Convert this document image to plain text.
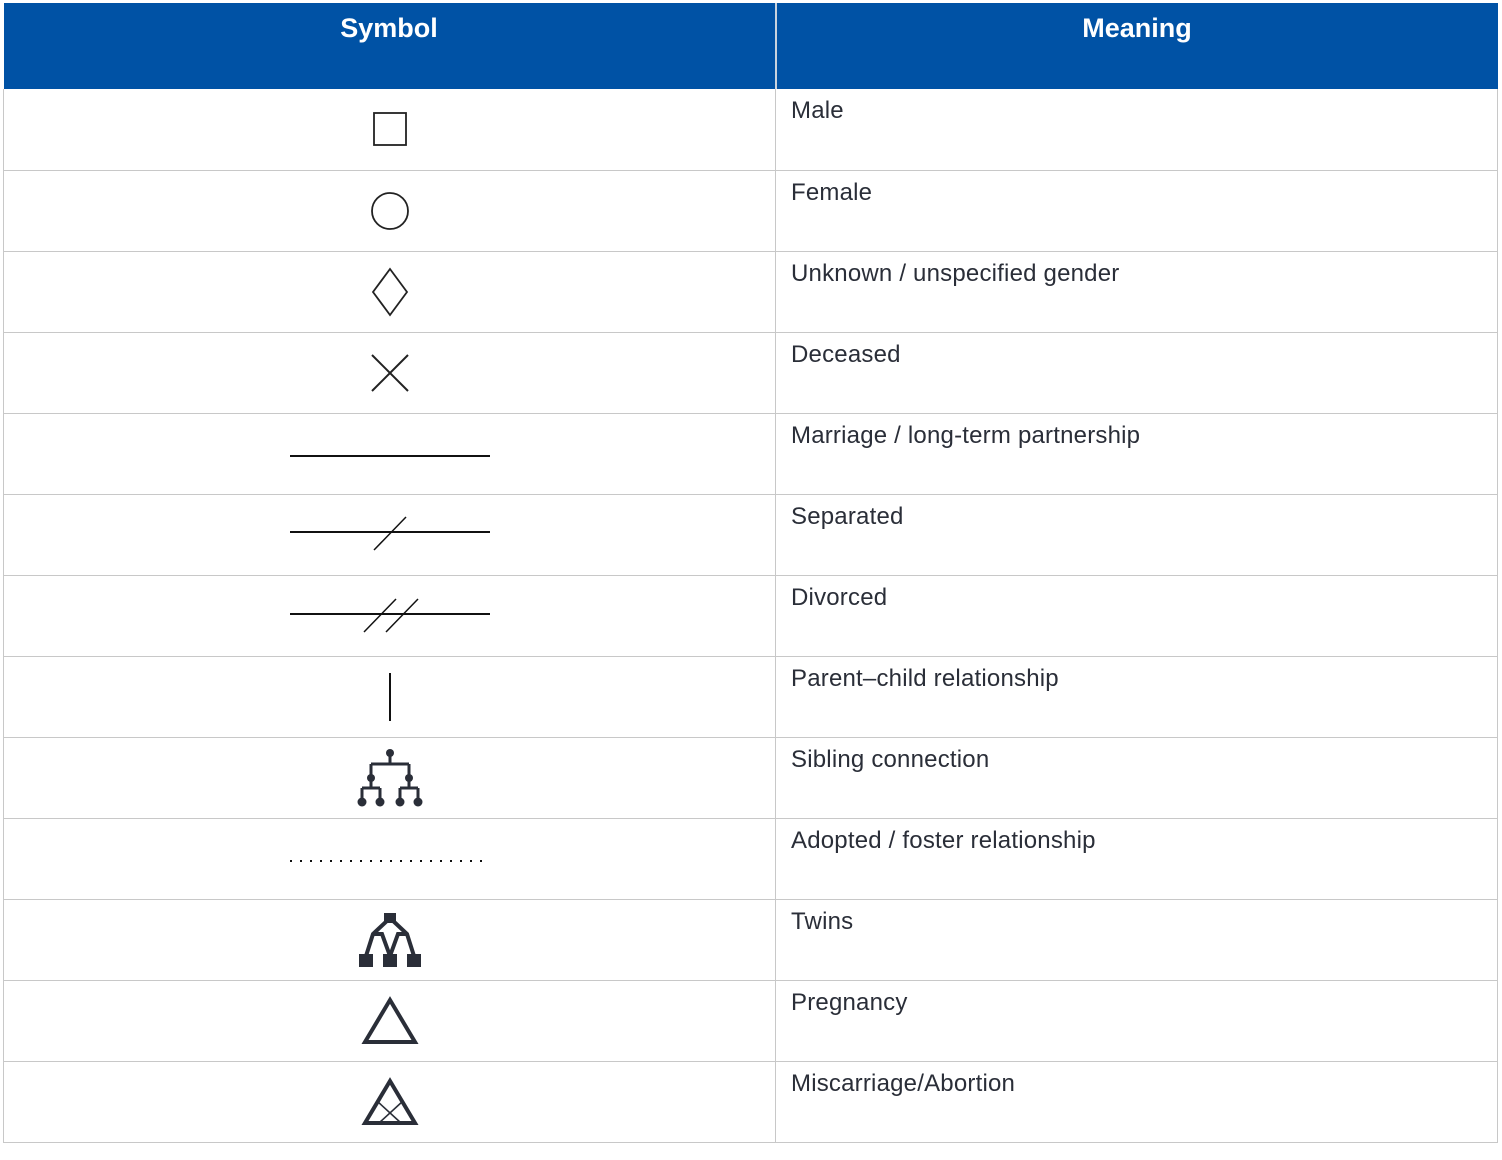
Symbol	Meaning

	Male

	Female

	Unknown / unspecified gender

	Deceased

	Marriage / long-term partnership

	Separated

	Divorced

	Parent–child relationship

	Sibling connection

	Adopted / foster relationship

	Twins

	Pregnancy

	Miscarriage/Abortion
